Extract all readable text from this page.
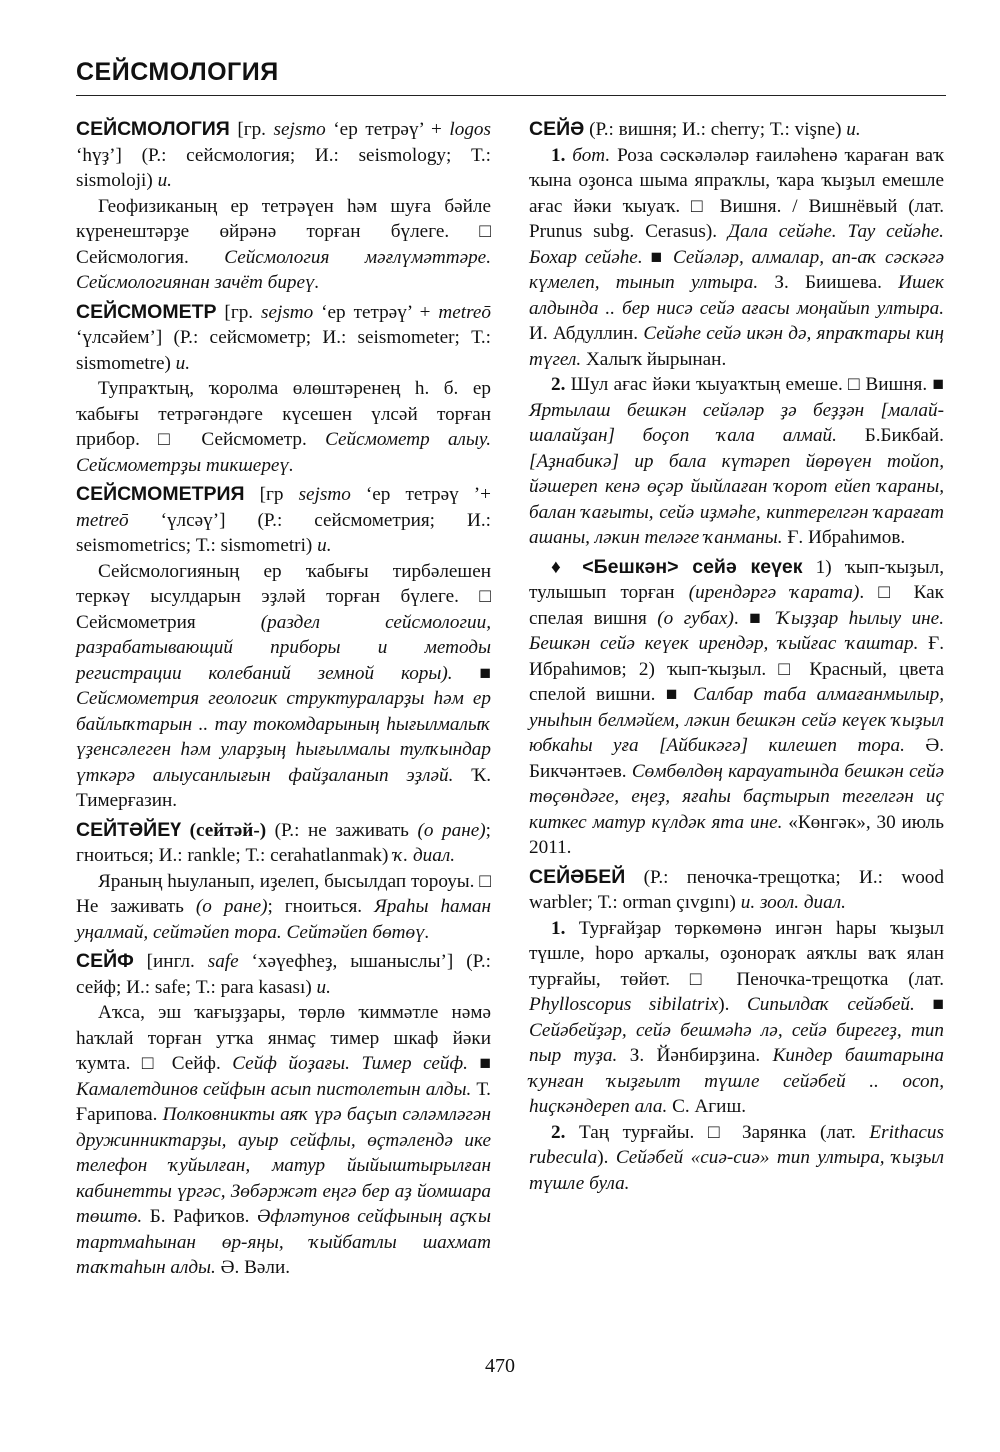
СЕЙСМОЛОГИЯ

СЕЙСМОЛОГИЯ [гр. sejsmo ‘ер тетрәү’ + logos ‘һүҙ’] (Р.: сейсмология; И.: seismology; Т.: sismoloji) и.

Геофизиканың ер тетрәүен һәм шуға бәйле күренештәрҙе өйрәнә торған бүлеге. □ Сейсмология. Сейсмология мәғлүмәттәре. Сейсмологиянан зачёт биреү.

СЕЙСМОМЕТР [гр. sejsmo ‘ер тетрәү’ + metreō ‘үлсәйем’] (Р.: сейсмометр; И.: seismometer; Т.: sismometre) и.

Тупраҡтың, ҡоролма өлөштәренең һ. б. ер ҡабығы тетрәгәндәге күсешен үлсәй торған прибор. □ Сейсмометр. Сейсмометр алыу. Сейсмометрҙы тикшереү.

СЕЙСМОМЕТРИЯ [гр sejsmo ‘ер тетрәү ’+ metreō ‘үлсәү’] (Р.: сейсмометрия; И.: seismometrics; Т.: sismometri) и.

Сейсмологияның ер ҡабығы тирбәлешен теркәү ысулдарын эҙләй торған бүлеге. □ Сейсмометрия (раздел сейсмологии, разрабатывающий приборы и методы регистрации колебаний земной коры). ■ Сейсмометрия геологик структураларҙы һәм ер байлыҡтарын .. тау токомдарының һығылмалыҡ үҙенсәлеген һәм уларҙың һығылмалы тулҡындар үткәрә алыусанлығын файҙаланып эҙләй. Ҡ. Тимерғазин.

СЕЙТӘЙЕҮ (сейтәй-) (Р.: не заживать (о ране); гноиться; И.: rankle; Т.: cerahatlanmak) ҡ. диал.

Яраның һыуланып, иҙелеп, бысылдап тороуы. □ Не заживать (о ране); гноиться. Яраһы һаман уңалмай, сейтәйеп тора. Сейтәйеп бөтөү.

СЕЙФ [ингл. safe ‘хәүефһеҙ, ышаныслы’] (Р.: сейф; И.: safe; Т.: para kasası) и.

Аҡса, эш ҡағыҙҙары, төрлө ҡиммәтле нәмә һаҡлай торған утҡа янмаҫ тимер шкаф йәки ҡумта. □ Сейф. Сейф йоҙағы. Тимер сейф. ■ Камалетдинов сейфын асып пистолетын алды. Т. Ғарипова. Полковникты аяҡ үрә баҫып сәләмләгән дружинниктарҙы, ауыр сейфлы, өҫтәлендә ике телефон ҡуйылған, матур йыйыштырылған кабинетты үргәс, Зөбәржәт еңгә бер аҙ йомшара төштө. Б. Рафиҡов. Әфләтунов сейфының аҫҡы тартмаһынан өр-яңы, ҡыйбатлы шахмат таҡтаһын алды. Ә. Вәли.

СЕЙӘ (Р.: вишня; И.: cherry; Т.: vişne) и.

1. бот. Роза сәскәләләр ғаиләһенә ҡараған ваҡ ҡына оҙонса шыма япраҡлы, ҡара ҡыҙыл емешле ағас йәки ҡыуаҡ. □ Вишня. / Вишнёвый (лат. Prunus subg. Cerasus). Дала сейәһе. Тау сейәһе. Бохар сейәһе. ■ Сейәләр, алмалар, ап-аҡ сәскәгә күмелеп, тынып ултыра. З. Биишева. Ишек алдында .. бер нисә сейә ағасы моңайып ултыра. И. Абдуллин. Сейәһе сейә икән дә, япраҡтары киң түгел. Халыҡ йырынан.

2. Шул ағас йәки ҡыуаҡтың емеше. □ Вишня. ■ Яртылаш бешкән сейәләр ҙә беҙҙән [малай-шалайҙан] боҫоп ҡала алмай. Б.Бикбай. [Аҙнабикә] ир бала күтәреп йөрөүен тойоп, йәшереп кенә өҫәр йыйлаған ҡорот ейеп ҡараны, балан ҡағыты, сейә иҙмәһе, киптерелгән ҡарағат ашаны, ләкин теләге ҡанманы. Ғ. Ибраһимов.

♦ <Бешкән> сейә кеүек 1) ҡып-ҡыҙыл, тулышып торған (ирендәргә ҡарата). □ Как спелая вишня (о губах). ■ Ҡыҙҙар һылыу ине. Бешкән сейә кеүек ирендәр, ҡыйғас ҡаштар. Ғ. Ибраһимов; 2) ҡып-ҡыҙыл. □ Красный, цвета спелой вишни. ■ Салбар таба алмағанмылыр, уныһын белмәйем, ләкин бешкән сейә кеүек ҡыҙыл юбкаһы уға [Айбикәгә] килешеп тора. Ә. Бикчәнтәев. Сөмбөлдөң карауатында бешкән сейә төҫөндәге, еңеҙ, яғаһы баҫтырып тегелгән иҫ киткес матур күлдәк ята ине. «Көнгәк», 30 июль 2011.

СЕЙӘБЕЙ (Р.: пеночка-трещотка; И.: wood warbler; Т.: orman çıvgını) и. зоол. диал.

1. Турғайҙар төркөмөнә ингән һары ҡыҙыл түшле, һоро арҡалы, оҙонораҡ аяҡлы ваҡ ялан турғайы, төйөт. □ Пеночка-трещотка (лат. Phylloscopus sibilatrix). Сипылдаҡ сейәбей. ■ Сейәбейҙәр, сейә бешмәһә лә, сейә бирегеҙ, тип пыр туҙа. З. Йәнбирҙина. Киндер баштарына ҡунған ҡыҙғылт түшле сейәбей .. осоп, һиҫкәндереп ала. С. Агиш.

2. Таң турғайы. □ Зарянка (лат. Erithacus rubecula). Сейәбей «сиә-сиә» тип ултыра, ҡыҙыл түшле була.

470
